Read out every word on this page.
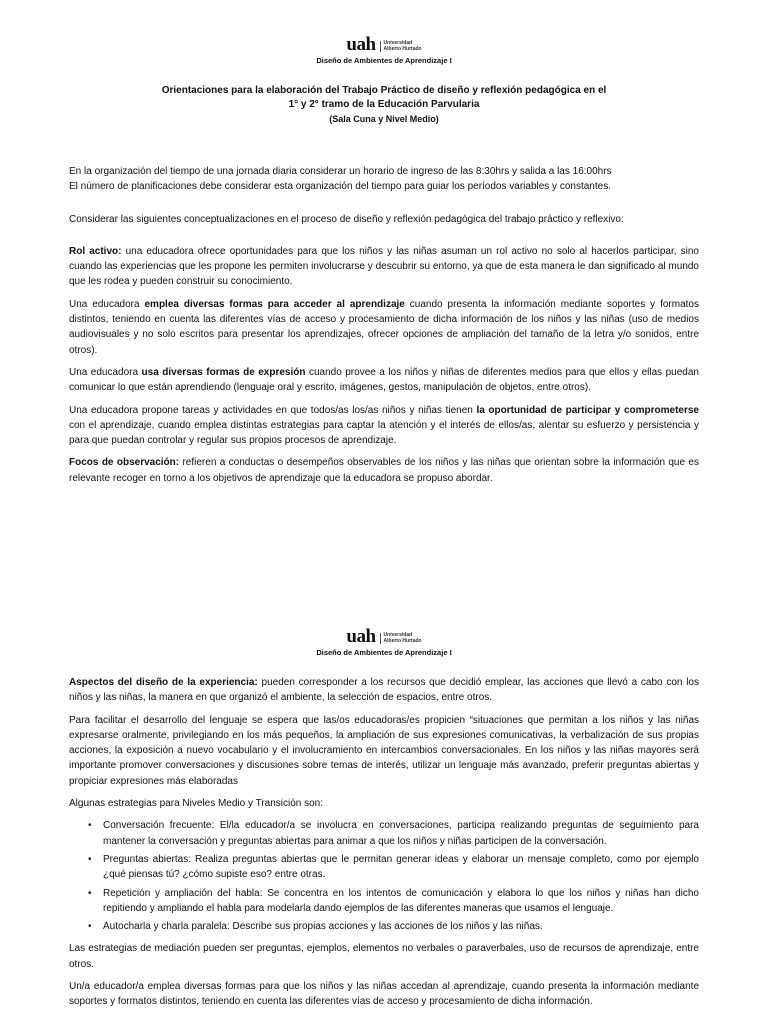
uah Universidad
Alberto Hurtado
Diseño de Ambientes de Aprendizaje I
Orientaciones para la elaboración del Trabajo Práctico de diseño y reflexión pedagógica en el
1° y 2° tramo de la Educación Parvularia
(Sala Cuna y Nivel Medio)

En la organización del tiempo de una jornada diaria considerar un horario de ingreso de las 8:30hrs y salida a las 16:00hrs

El número de planificaciones debe considerar esta organización del tiempo para guiar los períodos variables y constantes.

Considerar las siguientes conceptualizaciones en el proceso de diseño y reflexión pedagógica del trabajo práctico y reflexivo:

Rol activo: una educadora ofrece oportunidades para que los niños y las niñas asuman un rol activo no solo al hacerlos participar, sino cuando las experiencias que les propone les permiten involucrarse y descubrir su entorno, ya que de esta manera le dan significado al mundo que les rodea y pueden construir su conocimiento.

Una educadora emplea diversas formas para acceder al aprendizaje cuando presenta la información mediante soportes y formatos distintos, teniendo en cuenta las diferentes vías de acceso y procesamiento de dicha información de los niños y las niñas (uso de medios audiovisuales y no solo escritos para presentar los aprendizajes, ofrecer opciones de ampliación del tamaño de la letra y/o sonidos, entre otros).

Una educadora usa diversas formas de expresión cuando provee a los niños y niñas de diferentes medios para que ellos y ellas puedan comunicar lo que están aprendiendo (lenguaje oral y escrito, imágenes, gestos, manipulación de objetos, entre otros).

Una educadora propone tareas y actividades en que todos/as los/as niños y niñas tienen la oportunidad de participar y comprometerse con el aprendizaje, cuando emplea distintas estrategias para captar la atención y el interés de ellos/as, alentar su esfuerzo y persistencia y para que puedan controlar y regular sus propios procesos de aprendizaje.

Focos de observación: refieren a conductas o desempeños observables de los niños y las niñas que orientan sobre la información que es relevante recoger en torno a los objetivos de aprendizaje que la educadora se propuso abordar.

uah Universidad
Alberto Hurtado
Diseño de Ambientes de Aprendizaje I

Aspectos del diseño de la experiencia: pueden corresponder a los recursos que decidió emplear, las acciones que llevó a cabo con los niños y las niñas, la manera en que organizó el ambiente, la selección de espacios, entre otros.

Para facilitar el desarrollo del lenguaje se espera que las/os educadoras/es propicien “situaciones que permitan a los niños y las niñas expresarse oralmente, privilegiando en los más pequeños, la ampliación de sus expresiones comunicativas, la verbalización de sus propias acciones, la exposición a nuevo vocabulario y el involucramiento en intercambios conversacionales. En los niños y las niñas mayores será importante promover conversaciones y discusiones sobre temas de interés, utilizar un lenguaje más avanzado, preferir preguntas abiertas y propiciar expresiones más elaboradas

Algunas estrategias para Niveles Medio y Transición son:

• Conversación frecuente: El/la educador/a se involucra en conversaciones, participa realizando preguntas de seguimiento para mantener la conversación y preguntas abiertas para animar a que los niños y niñas participen de la conversación.
• Preguntas abiertas: Realiza preguntas abiertas que le permitan generar ideas y elaborar un mensaje completo, como por ejemplo ¿qué piensas tú? ¿cómo supiste eso? entre otras.
• Repetición y ampliación del habla: Se concentra en los intentos de comunicación y elabora lo que los niños y niñas han dicho repitiendo y ampliando el habla para modelarla dando ejemplos de las diferentes maneras que usamos el lenguaje.
• Autocharla y charla paralela: Describe sus propias acciones y las acciones de los niños y las niñas.

Las estrategias de mediación pueden ser preguntas, ejemplos, elementos no verbales o paraverbales, uso de recursos de aprendizaje, entre otros.

Un/a educador/a emplea diversas formas para que los niños y las niñas accedan al aprendizaje, cuando presenta la información mediante soportes y formatos distintos, teniendo en cuenta las diferentes vías de acceso y procesamiento de dicha información.
